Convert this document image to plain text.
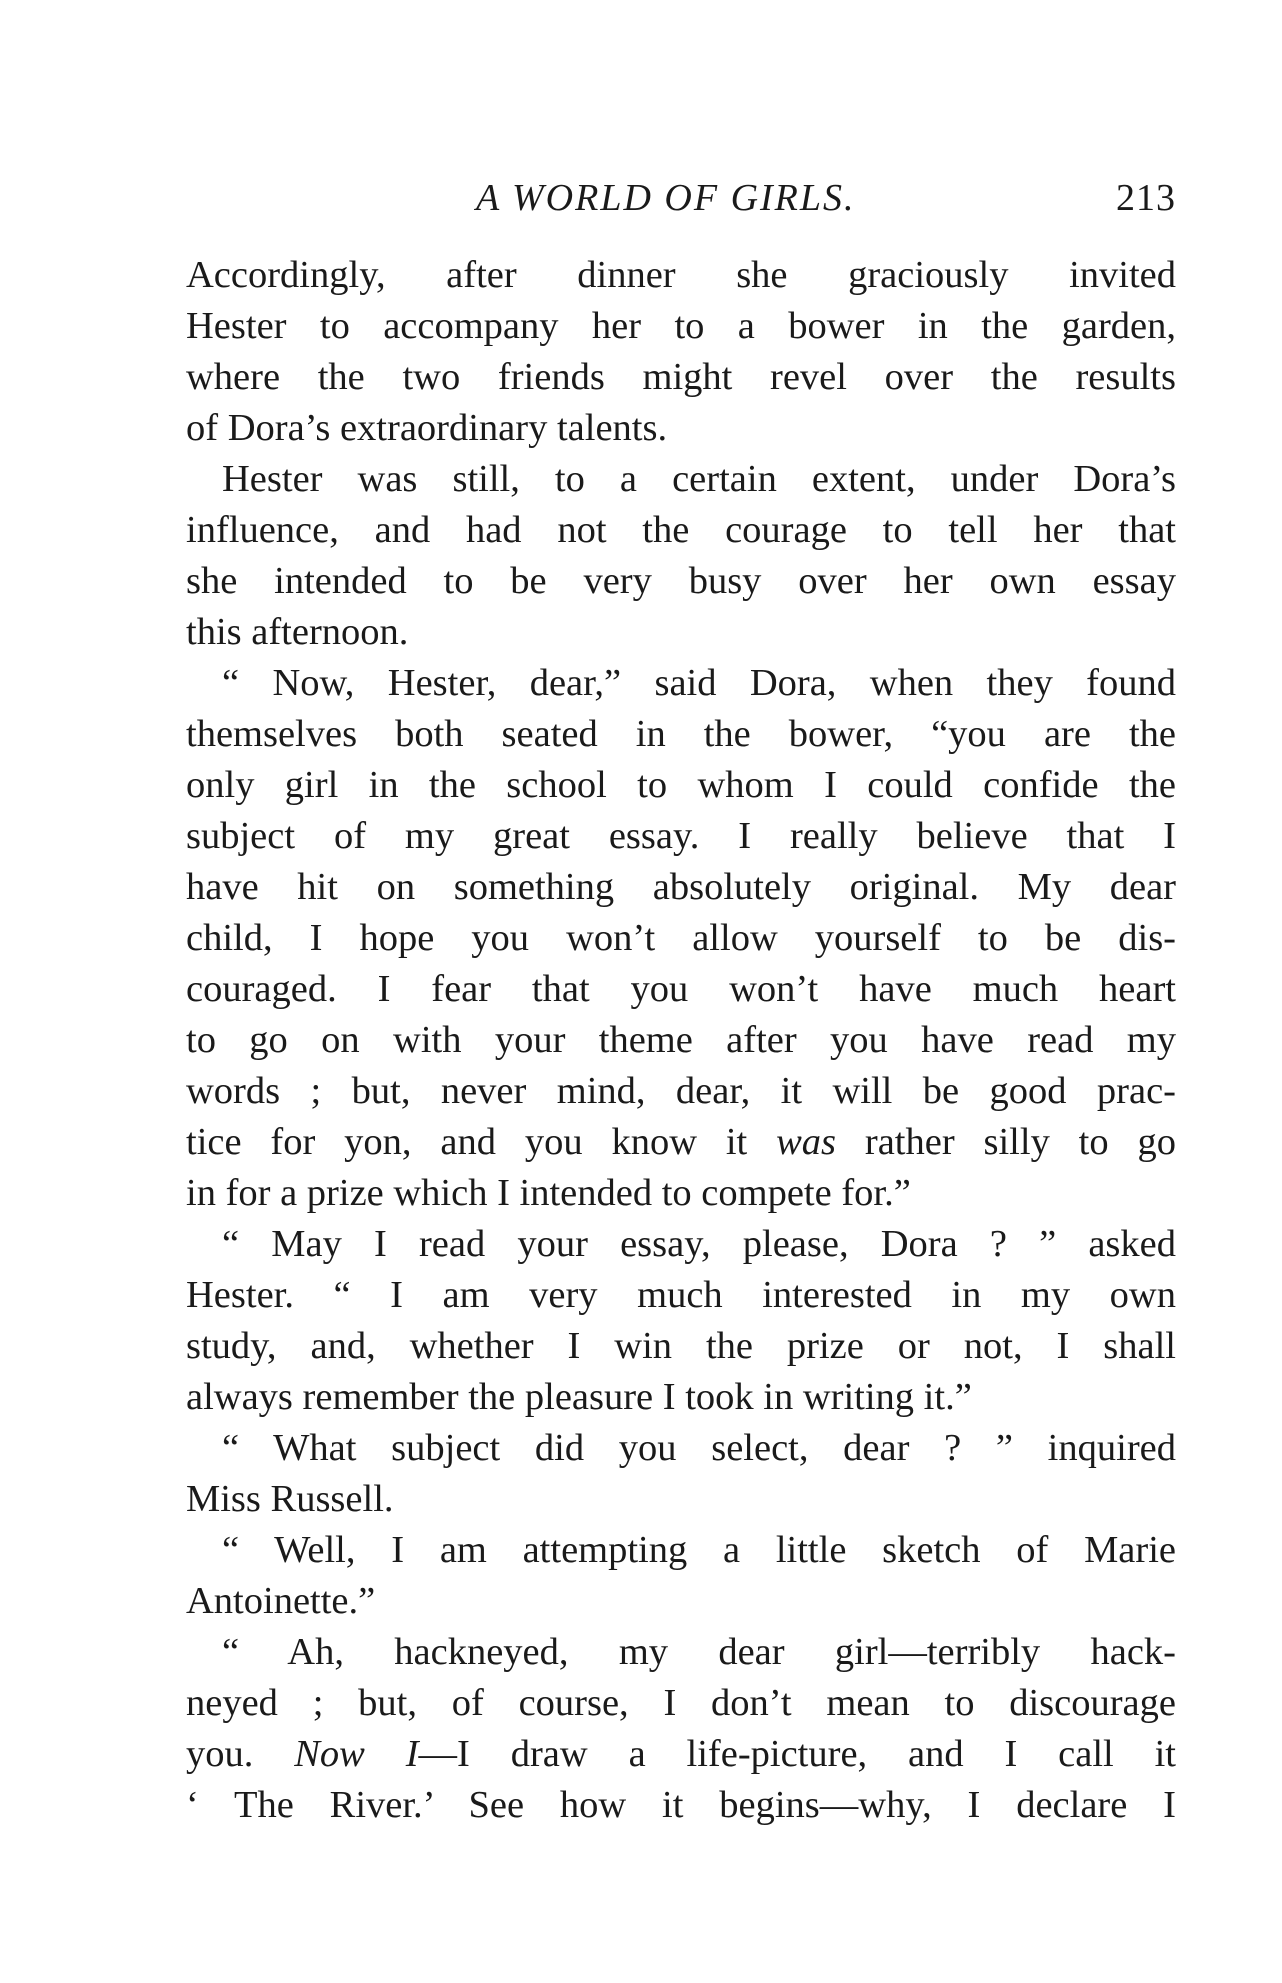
A WORLD OF GIRLS.	213
Accordingly, after dinner she graciously invited
Hester to accompany her to a bower in the garden,
where the two friends might revel over the results
of Dora’s extraordinary talents.
Hester was still, to a certain extent, under Dora’s
influence, and had not the courage to tell her that
she intended to be very busy over her own essay
this afternoon.
“ Now, Hester, dear,” said Dora, when they found
themselves both seated in the bower, “you are the
only girl in the school to whom I could confide the
subject of my great essay. I really believe that I
have hit on something absolutely original. My dear
child, I hope you won’t allow yourself to be dis-
couraged. I fear that you won’t have much heart
to go on with your theme after you have read my
words ; but, never mind, dear, it will be good prac-
tice for yon, and you know it was rather silly to go
in for a prize which I intended to compete for.”
“ May I read your essay, please, Dora ? ” asked
Hester. “ I am very much interested in my own
study, and, whether I win the prize or not, I shall
always remember the pleasure I took in writing it.”
“ What subject did you select, dear ? ” inquired
Miss Russell.
“ Well, I am attempting a little sketch of Marie
Antoinette.”
“ Ah, hackneyed, my dear girl—terribly hack-
neyed ; but, of course, I don’t mean to discourage
you. Now I—I draw a life-picture, and I call it
‘ The River.’ See how it begins—why, I declare I
